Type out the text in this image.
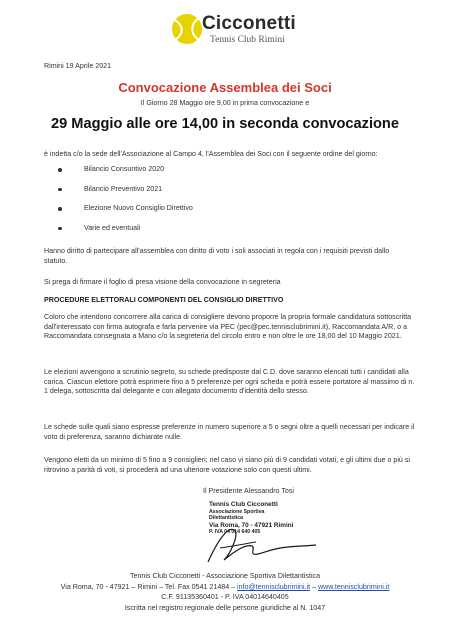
Cicconetti
Tennis Club Rimini
Rimini 19 Aprile 2021
Convocazione Assemblea dei Soci
Il Giorno 28 Maggio ore 9,00 in prima convocazione e
29 Maggio alle ore 14,00 in seconda convocazione
è indetta c/o la sede dell'Associazione al Campo 4, l'Assemblea dei Soci con il seguente ordine del giorno:
Bilancio Consuntivo 2020
Bilancio Preventivo 2021
Elezione Nuovo Consiglio Direttivo
Varie ed eventuali
Hanno diritto di partecipare all'assemblea con diritto di voto i soli associati in regola con i requisiti previsti dallo statuto.
Si prega di firmare il foglio di presa visione della convocazione in segreteria
PROCEDURE ELETTORALI COMPONENTI DEL CONSIGLIO DIRETTIVO
Coloro che intendono concorrere alla carica di consigliere devono proporre la propria formale candidatura sottoscritta dall'interessato con firma autografa e farla pervenire via PEC (pec@pec.tennisclubrimini.it), Raccomandata A/R, o a Raccomandata consegnata a Mano c/o la segreteria del circolo entro e non oltre le ore 18,00 del 10 Maggio 2021.
Le elezioni avvengono a scrutinio segreto, su schede predisposte dal C.D. dove saranno elencati tutti i candidati alla carica. Ciascun elettore potrà esprimere fino a 5 preferenze per ogni scheda e potrà essere portatore al massimo di n. 1 delega, sottoscritta dal delegante e con allegato documento d'identità dello stesso.
Le schede sulle quali siano espresse preferenze in numero superiore a 5 o segni oltre a quelli necessari per indicare il voto di preferenza, saranno dichiarate nulle.
Vengono eletti da un minimo di 5 fino a 9 consiglieri; nel caso vi siano più di 9 candidati votati, e gli ultimi due o più si ritrovino a parità di voti, si procederà ad una ulteriore votazione solo con questi ultimi.
Il Presidente Alessandro Tosi
Tennis Club Cicconetti
Associazione Sportiva Dilettantistica
Via Roma, 70 - 47921 Rimini
P. IVA 04 014 640 405
Tennis Club Cicconetti - Associazione Sportiva Dilettantistica
Via Roma, 70 - 47921 – Rimini – Tel. Fax 0541 21484 – info@tennisclubrimini.it – www.tennisclubrimini.it
C.F. 91135360401 - P. IVA 04014640405
Iscritta nel registro regionale delle persone giuridiche al N. 1047
